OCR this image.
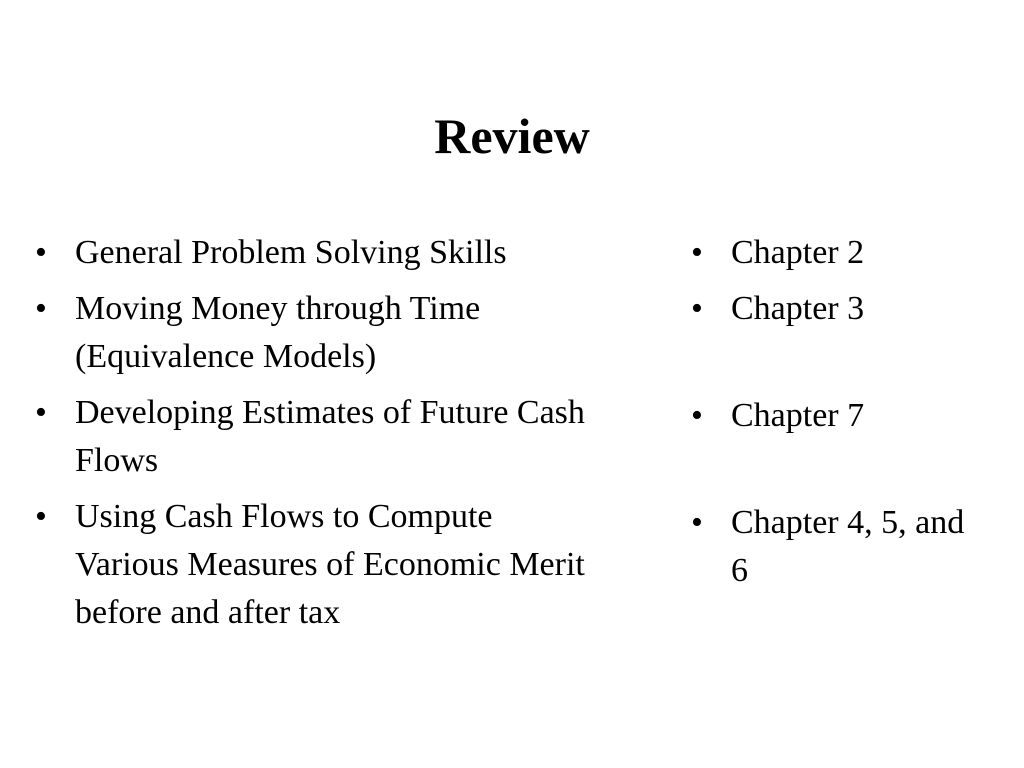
Review
• General Problem Solving Skills
• Moving Money through Time (Equivalence Models)
• Developing Estimates of Future Cash Flows
• Using Cash Flows to Compute Various Measures of Economic Merit before and after tax
• Chapter 2
• Chapter 3
• Chapter 7
• Chapter 4, 5, and 6
